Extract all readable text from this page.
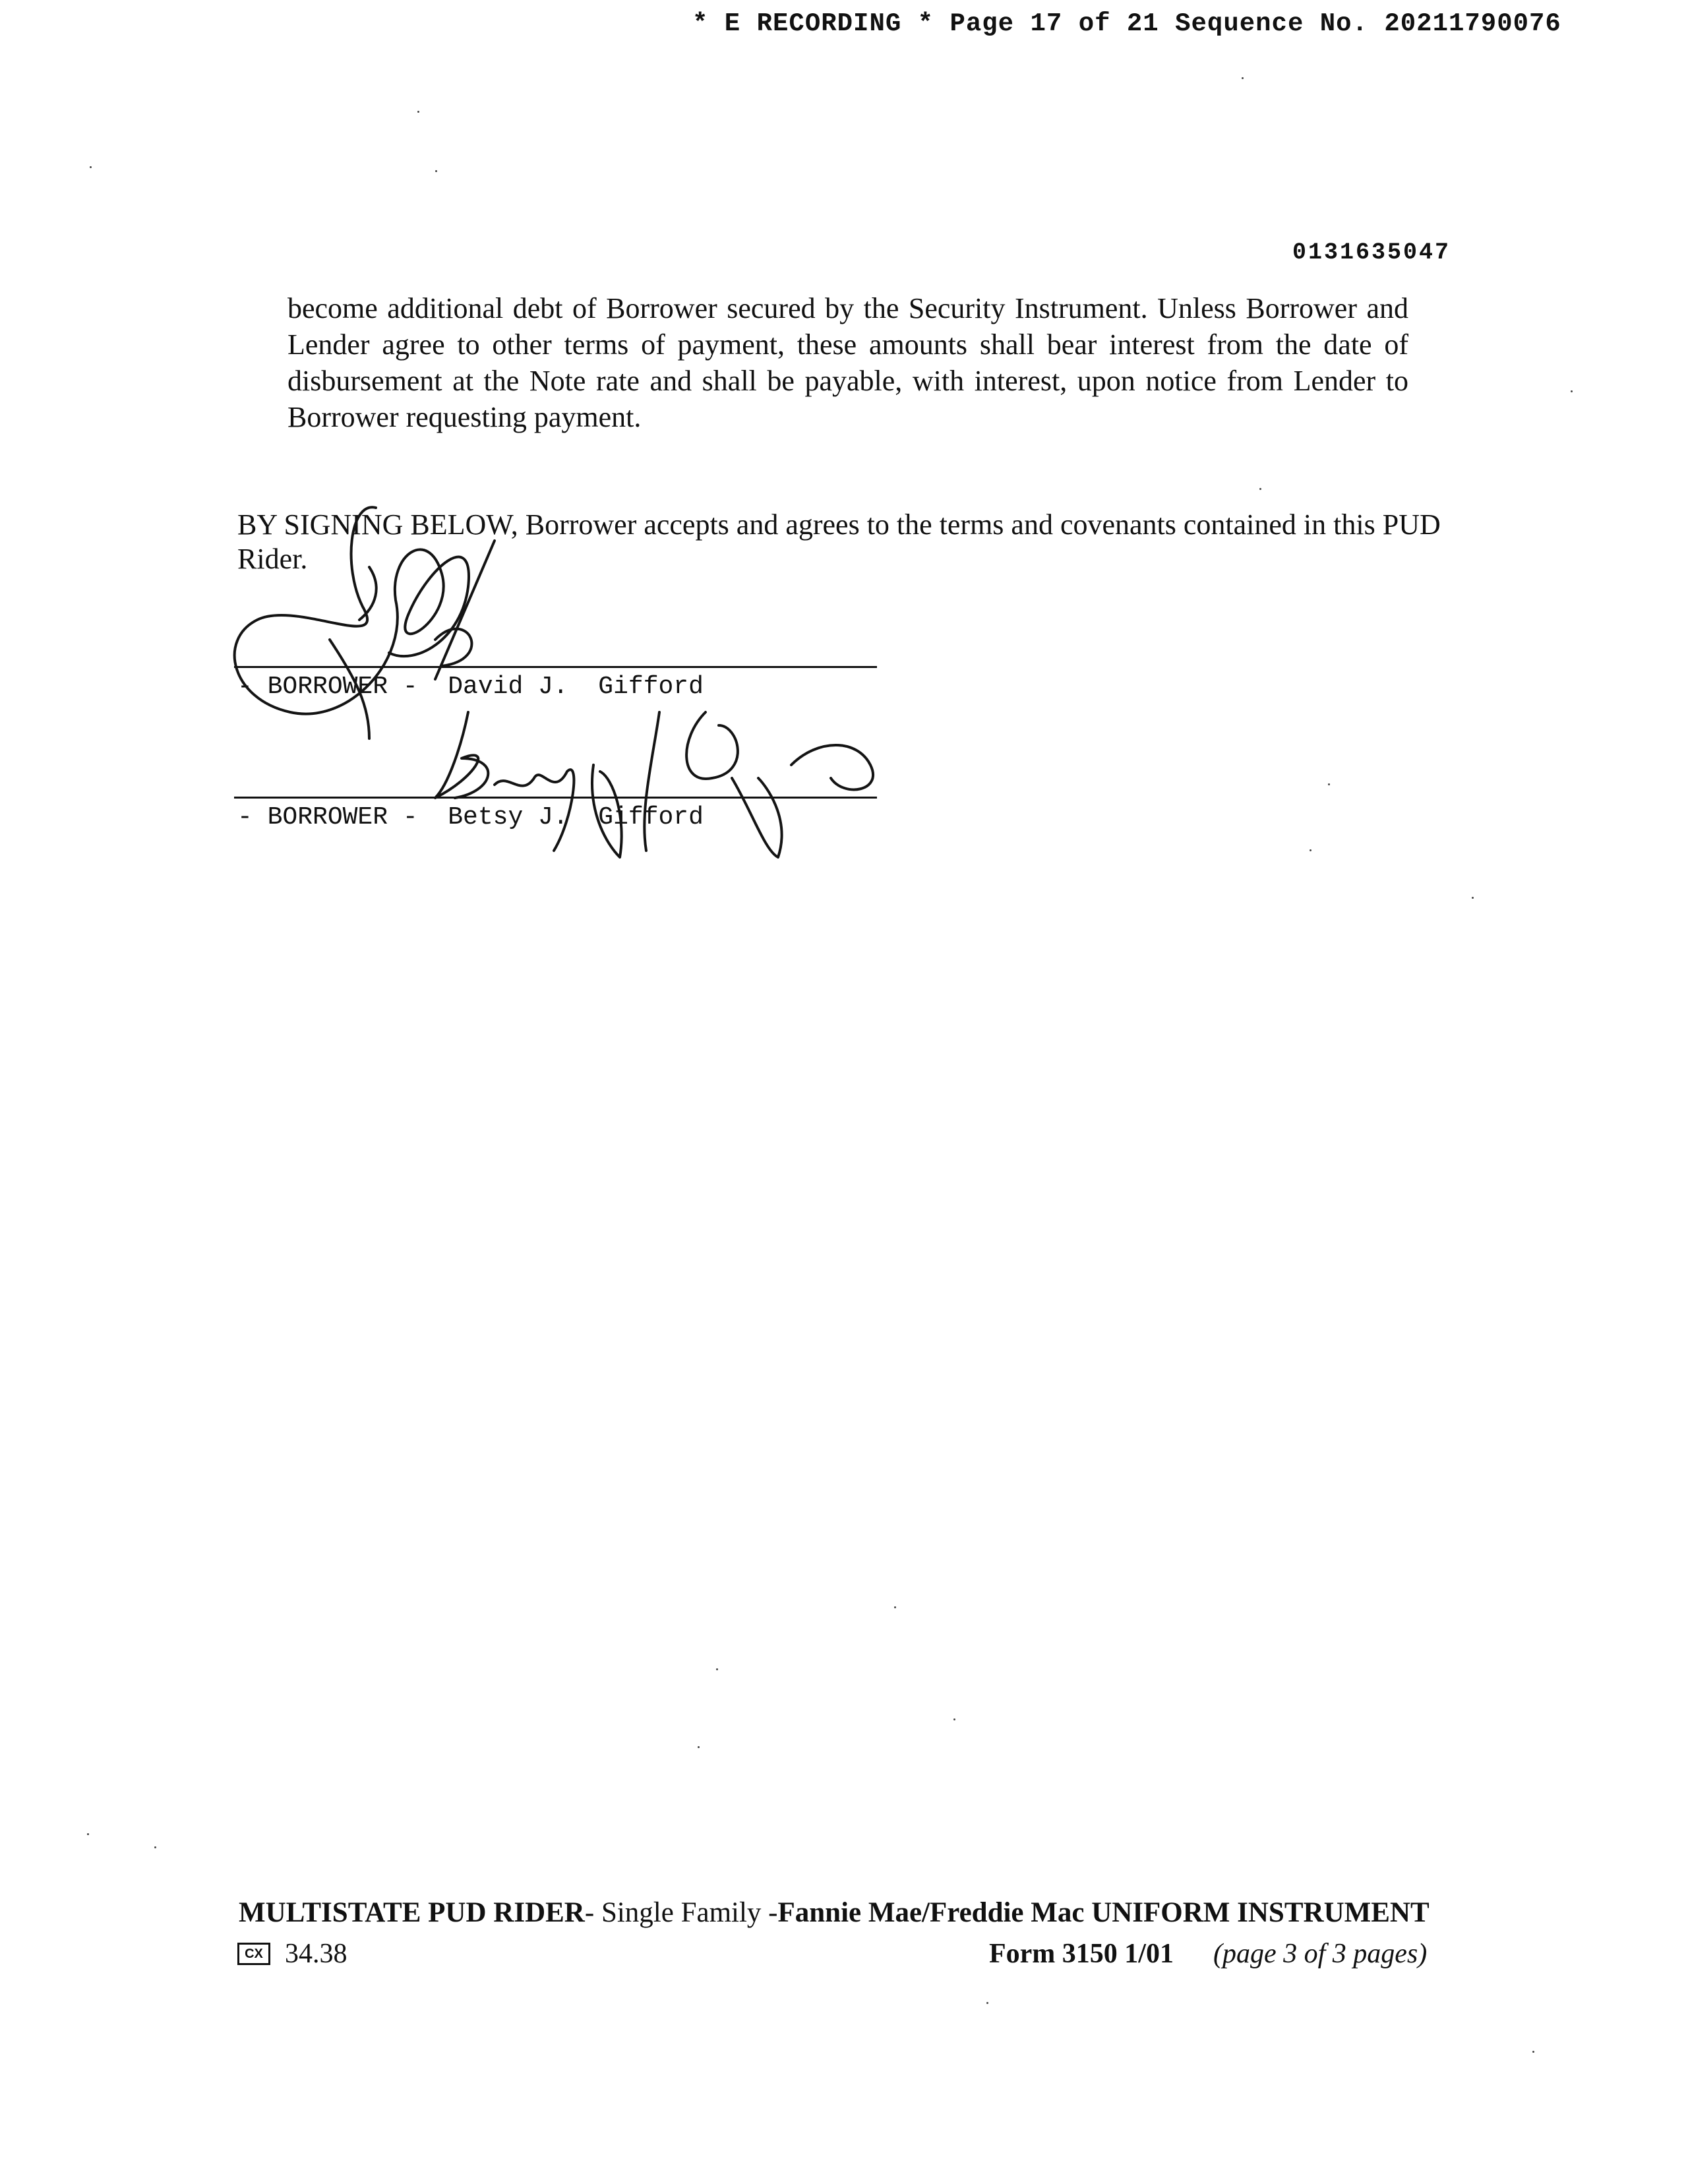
* E RECORDING * Page 17 of 21 Sequence No. 20211790076
0131635047
become additional debt of Borrower secured by the Security Instrument. Unless Borrower and Lender agree to other terms of payment, these amounts shall bear interest from the date of disbursement at the Note rate and shall be payable, with interest, upon notice from Lender to Borrower requesting payment.
BY SIGNING BELOW, Borrower accepts and agrees to the terms and covenants contained in this PUD Rider.
- BORROWER -  David J.  Gifford
- BORROWER -  Betsy J.  Gifford
MULTISTATE PUD RIDER- Single Family -Fannie Mae/Freddie Mac UNIFORM INSTRUMENT
CX 34.38	Form 3150 1/01 (page 3 of 3 pages)
